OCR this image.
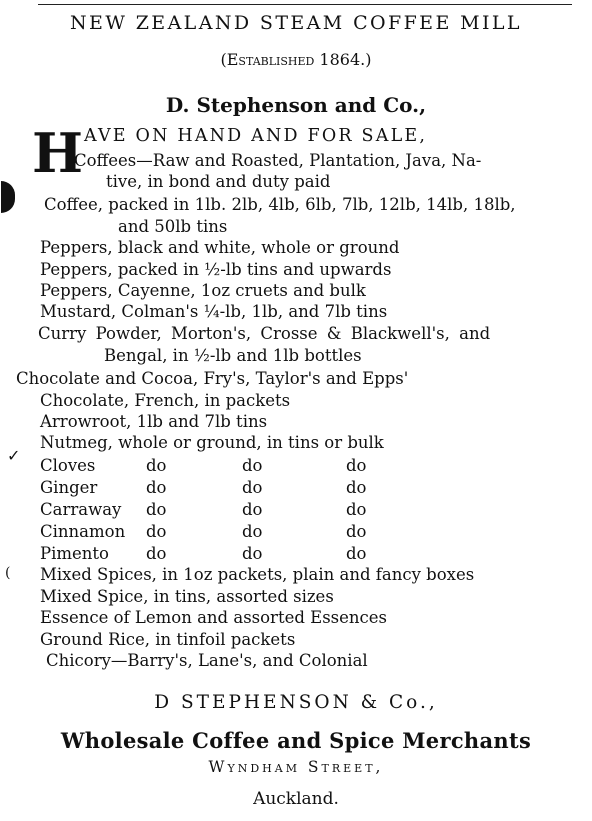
NEW ZEALAND STEAM COFFEE MILL
(Established 1864.)
D. Stephenson and Co.,
H AVE ON HAND AND FOR SALE,
✓
(
Coffees—Raw and Roasted, Plantation, Java, Na-
tive, in bond and duty paid
Coffee, packed in 1lb. 2lb, 4lb, 6lb, 7lb, 12lb, 14lb, 18lb,
and 50lb tins
Peppers, black and white, whole or ground
Peppers, packed in ½-lb tins and upwards
Peppers, Cayenne, 1oz cruets and bulk
Mustard, Colman's ¼-lb, 1lb, and 7lb tins
Curry Powder, Morton's, Crosse & Blackwell's, and
Bengal, in ½-lb and 1lb bottles
Chocolate and Cocoa, Fry's, Taylor's and Epps'
Chocolate, French, in packets
Arrowroot, 1lb and 7lb tins
Nutmeg, whole or ground, in tins or bulk
Cloves	do	do	do
Ginger	do	do	do
Carraway do	do	do
Cinnamon do	do	do
Pimento do	do	do
Mixed Spices, in 1oz packets, plain and fancy boxes
Mixed Spice, in tins, assorted sizes
Essence of Lemon and assorted Essences
Ground Rice, in tinfoil packets
Chicory—Barry's, Lane's, and Colonial
D STEPHENSON & Co.,
Wholesale Coffee and Spice Merchants
Wyndham Street,
Auckland.
